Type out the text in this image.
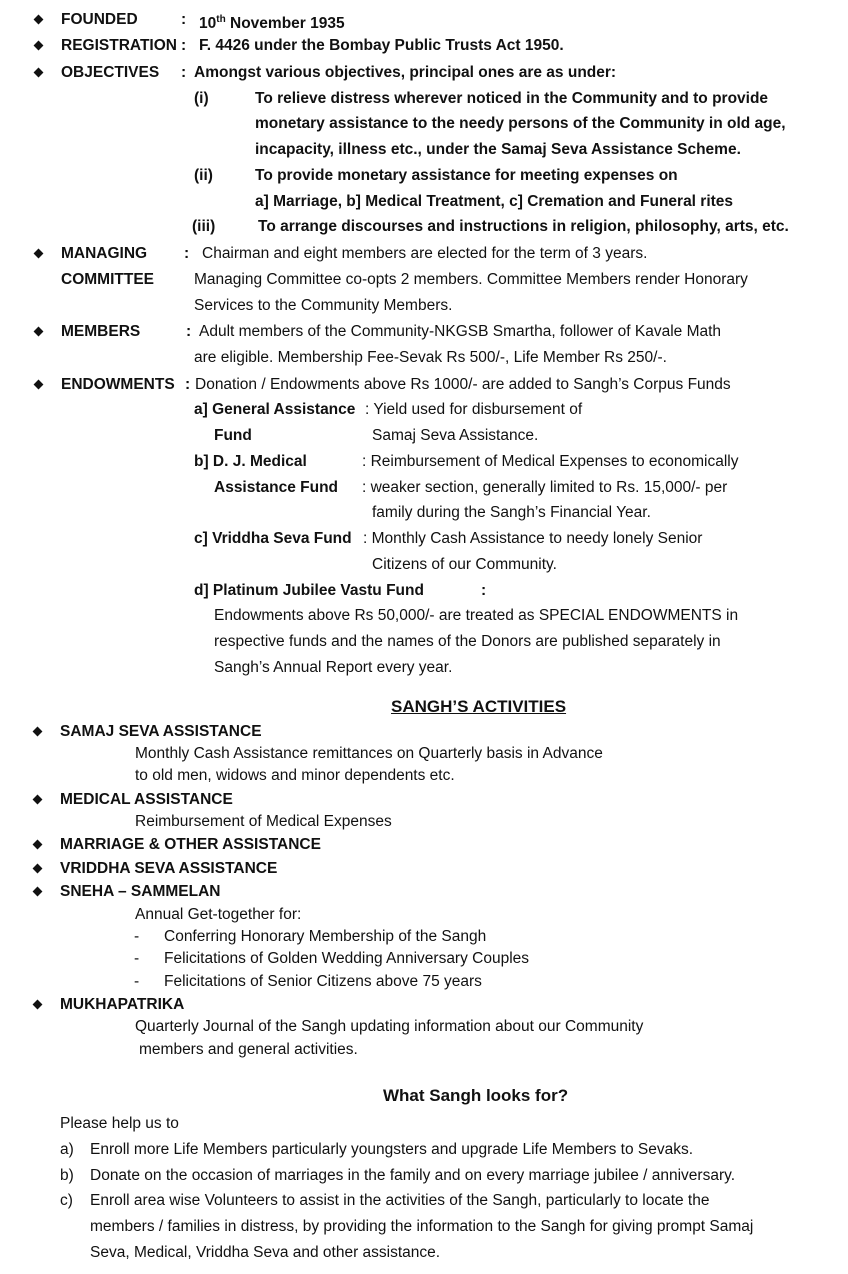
FOUNDED	: 10th November 1935
REGISTRATION : F. 4426 under the Bombay Public Trusts Act 1950.
OBJECTIVES : Amongst various objectives, principal ones are as under:
(i)	To relieve distress wherever noticed in the Community and to provide
monetary assistance to the needy persons of the Community in old age,
incapacity, illness etc., under the Samaj Seva Assistance Scheme.
(ii)	To provide monetary assistance for meeting expenses on
a] Marriage, b] Medical Treatment, c] Cremation and Funeral rites
(iii)	To arrange discourses and instructions in religion, philosophy, arts, etc.
MANAGING
COMMITTEE
: Chairman and eight members are elected for the term of 3 years.
Managing Committee co-opts 2 members. Committee Members render Honorary
Services to the Community Members.
MEMBERS	: Adult members of the Community-NKGSB Smartha, follower of Kavale Math
are eligible. Membership Fee-Sevak Rs 500/-, Life Member Rs 250/-.
ENDOWMENTS : Donation / Endowments above Rs 1000/- are added to Sangh’s Corpus Funds
a] General Assistance : Yield used for disbursement of
Fund	Samaj Seva Assistance.
b] D. J. Medical	: Reimbursement of Medical Expenses to economically
Assistance Fund : weaker section, generally limited to Rs. 15,000/- per
family during the Sangh’s Financial Year.
c] Vriddha Seva Fund : Monthly Cash Assistance to needy lonely Senior
Citizens of our Community.
d] Platinum Jubilee Vastu Fund	:
Endowments above Rs 50,000/- are treated as SPECIAL ENDOWMENTS in
respective funds and the names of the Donors are published separately in
Sangh’s Annual Report every year.
SANGH’S ACTIVITIES
SAMAJ SEVA ASSISTANCE
Monthly Cash Assistance remittances on Quarterly basis in Advance
to old men, widows and minor dependents etc.
MEDICAL ASSISTANCE
Reimbursement of Medical Expenses
MARRIAGE & OTHER ASSISTANCE
VRIDDHA SEVA ASSISTANCE
SNEHA – SAMMELAN
Annual Get-together for:
- Conferring Honorary Membership of the Sangh
- Felicitations of Golden Wedding Anniversary Couples
- Felicitations of Senior Citizens above 75 years
MUKHAPATRIKA
Quarterly Journal of the Sangh updating information about our Community
members and general activities.
What Sangh looks for?
Please help us to
a) Enroll more Life Members particularly youngsters and upgrade Life Members to Sevaks.
b) Donate on the occasion of marriages in the family and on every marriage jubilee / anniversary.
c) Enroll area wise Volunteers to assist in the activities of the Sangh, particularly to locate the
members / families in distress, by providing the information to the Sangh for giving prompt Samaj
Seva, Medical, Vriddha Seva and other assistance.
